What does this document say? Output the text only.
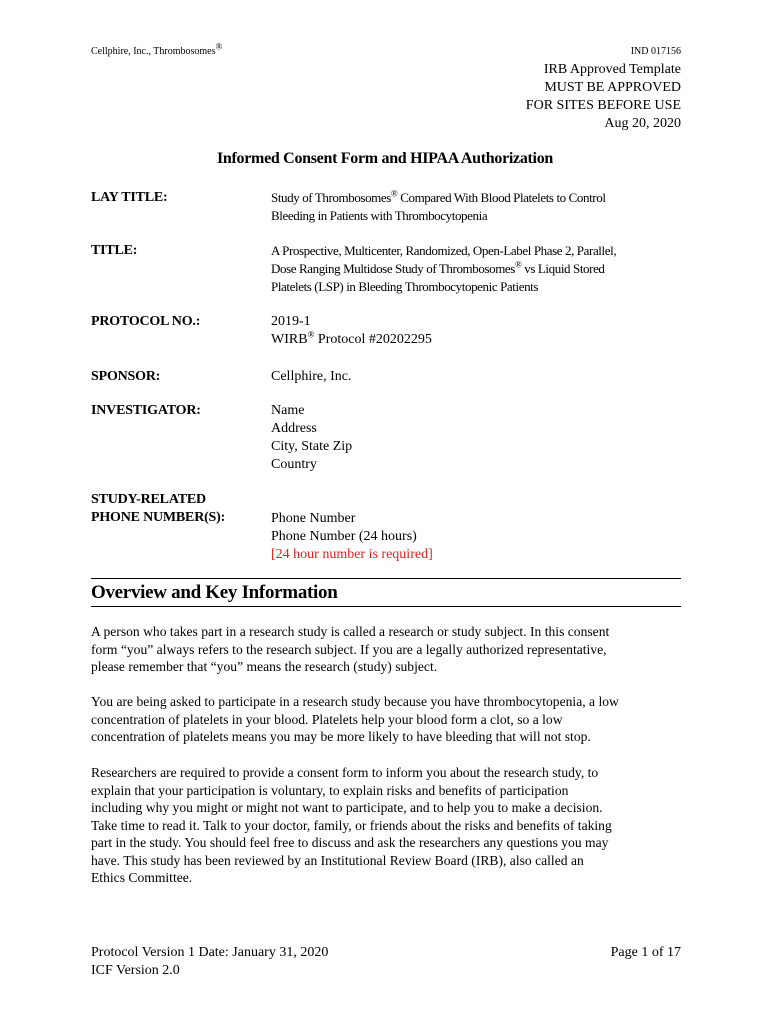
Cellphire, Inc., Thrombosomes®	IND 017156
IRB Approved Template
MUST BE APPROVED
FOR SITES BEFORE USE
Aug 20, 2020
Informed Consent Form and HIPAA Authorization
LAY TITLE:	Study of Thrombosomes® Compared With Blood Platelets to Control
Bleeding in Patients with Thrombocytopenia
TITLE:	A Prospective, Multicenter, Randomized, Open-Label Phase 2, Parallel,
Dose Ranging Multidose Study of Thrombosomes® vs Liquid Stored
Platelets (LSP) in Bleeding Thrombocytopenic Patients
PROTOCOL NO.:	2019-1
WIRB® Protocol #20202295
SPONSOR:	Cellphire, Inc.
INVESTIGATOR:	Name
Address
City, State Zip
Country
STUDY-RELATED
PHONE NUMBER(S):	Phone Number
Phone Number (24 hours)
[24 hour number is required]
Overview and Key Information
A person who takes part in a research study is called a research or study subject. In this consent
form “you” always refers to the research subject. If you are a legally authorized representative,
please remember that “you” means the research (study) subject.
You are being asked to participate in a research study because you have thrombocytopenia, a low
concentration of platelets in your blood. Platelets help your blood form a clot, so a low
concentration of platelets means you may be more likely to have bleeding that will not stop.
Researchers are required to provide a consent form to inform you about the research study, to
explain that your participation is voluntary, to explain risks and benefits of participation
including why you might or might not want to participate, and to help you to make a decision.
Take time to read it. Talk to your doctor, family, or friends about the risks and benefits of taking
part in the study. You should feel free to discuss and ask the researchers any questions you may
have. This study has been reviewed by an Institutional Review Board (IRB), also called an
Ethics Committee.
Protocol Version 1 Date: January 31, 2020
ICF Version 2.0
Page 1 of 17
